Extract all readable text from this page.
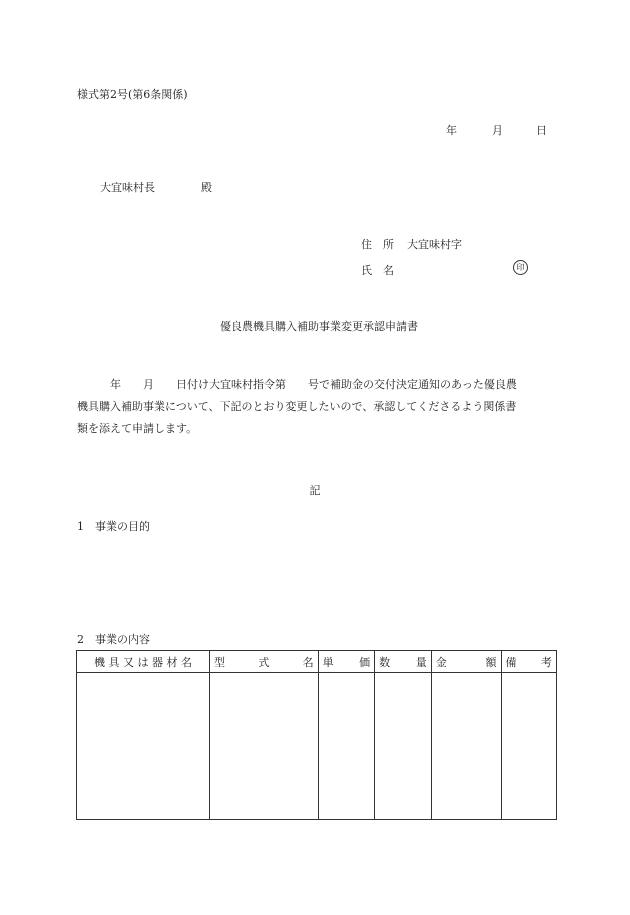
様式第2号(第6条関係)
年	月	日
大宜味村長	殿
住　所 大宜味村字
氏　名	印
優良農機具購入補助事業変更承認申請書
　　　年　　月　　日付け大宜味村指令第　　号で補助金の交付決定通知のあった優良農
機具購入補助事業について、下記のとおり変更したいので、承認してくださるよう関係書
類を添えて申請します。
記
1　事業の目的
2　事業の内容
機 具 又 は 器 材 名	型 式 名	単 価	数 量	金 額	備 考
